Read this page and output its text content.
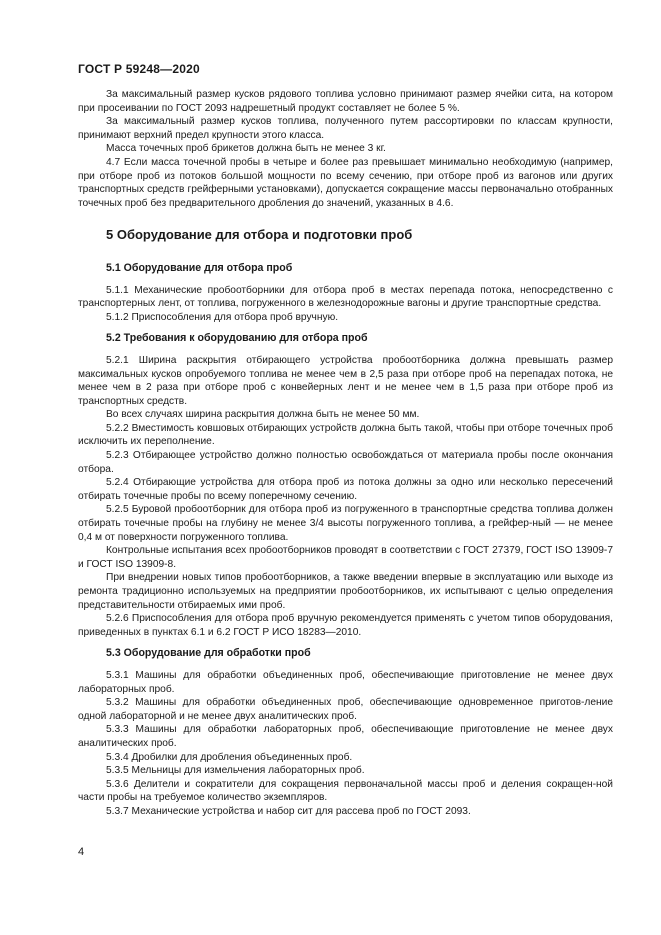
ГОСТ Р 59248—2020
За максимальный размер кусков рядового топлива условно принимают размер ячейки сита, на котором при просеивании по ГОСТ 2093 надрешетный продукт составляет не более 5 %.
За максимальный размер кусков топлива, полученного путем рассортировки по классам крупности, принимают верхний предел крупности этого класса.
Масса точечных проб брикетов должна быть не менее 3 кг.
4.7 Если масса точечной пробы в четыре и более раз превышает минимально необходимую (например, при отборе проб из потоков большой мощности по всему сечению, при отборе проб из вагонов или других транспортных средств грейферными установками), допускается сокращение массы первоначально отобранных точечных проб без предварительного дробления до значений, указанных в 4.6.
5 Оборудование для отбора и подготовки проб
5.1 Оборудование для отбора проб
5.1.1 Механические пробоотборники для отбора проб в местах перепада потока, непосредственно с транспортерных лент, от топлива, погруженного в железнодорожные вагоны и другие транспортные средства.
5.1.2 Приспособления для отбора проб вручную.
5.2 Требования к оборудованию для отбора проб
5.2.1 Ширина раскрытия отбирающего устройства пробоотборника должна превышать размер максимальных кусков опробуемого топлива не менее чем в 2,5 раза при отборе проб на перепадах потока, не менее чем в 2 раза при отборе проб с конвейерных лент и не менее чем в 1,5 раза при отборе проб из транспортных средств.
Во всех случаях ширина раскрытия должна быть не менее 50 мм.
5.2.2 Вместимость ковшовых отбирающих устройств должна быть такой, чтобы при отборе точечных проб исключить их переполнение.
5.2.3 Отбирающее устройство должно полностью освобождаться от материала пробы после окончания отбора.
5.2.4 Отбирающие устройства для отбора проб из потока должны за одно или несколько пересечений отбирать точечные пробы по всему поперечному сечению.
5.2.5 Буровой пробоотборник для отбора проб из погруженного в транспортные средства топлива должен отбирать точечные пробы на глубину не менее 3/4 высоты погруженного топлива, а грейфер-ный — не менее 0,4 м от поверхности погруженного топлива.
Контрольные испытания всех пробоотборников проводят в соответствии с ГОСТ 27379, ГОСТ ISO 13909-7 и ГОСТ ISO 13909-8.
При внедрении новых типов пробоотборников, а также введении впервые в эксплуатацию или выходе из ремонта традиционно используемых на предприятии пробоотборников, их испытывают с целью определения представительности отбираемых ими проб.
5.2.6 Приспособления для отбора проб вручную рекомендуется применять с учетом типов оборудования, приведенных в пунктах 6.1 и 6.2 ГОСТ Р ИСО 18283—2010.
5.3 Оборудование для обработки проб
5.3.1 Машины для обработки объединенных проб, обеспечивающие приготовление не менее двух лабораторных проб.
5.3.2 Машины для обработки объединенных проб, обеспечивающие одновременное приготов-ление одной лабораторной и не менее двух аналитических проб.
5.3.3 Машины для обработки лабораторных проб, обеспечивающие приготовление не менее двух аналитических проб.
5.3.4 Дробилки для дробления объединенных проб.
5.3.5 Мельницы для измельчения лабораторных проб.
5.3.6 Делители и сократители для сокращения первоначальной массы проб и деления сокращен-ной части пробы на требуемое количество экземпляров.
5.3.7 Механические устройства и набор сит для рассева проб по ГОСТ 2093.
4
